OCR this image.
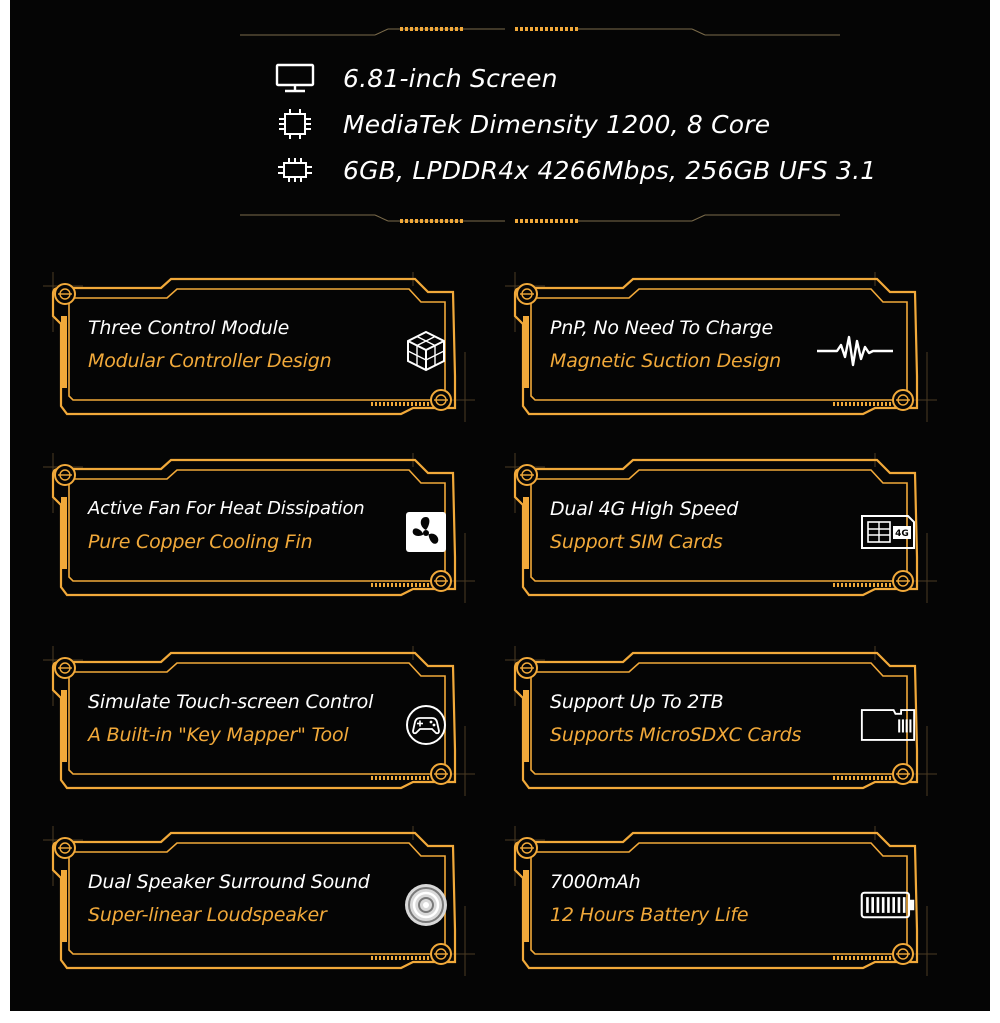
6.81-inch Screen
MediaTek Dimensity 1200, 8 Core
6GB, LPDDR4x 4266Mbps, 256GB UFS 3.1
Three Control Module
Modular Controller Design
PnP, No Need To Charge
Magnetic Suction Design
Active Fan For Heat Dissipation
Pure Copper Cooling Fin
Dual 4G High Speed
Support SIM Cards	4G
Simulate Touch-screen Control
A Built-in "Key Mapper" Tool
Support Up To 2TB
Supports MicroSDXC Cards
Dual Speaker Surround Sound
Super-linear Loudspeaker
7000mAh
12 Hours Battery Life
